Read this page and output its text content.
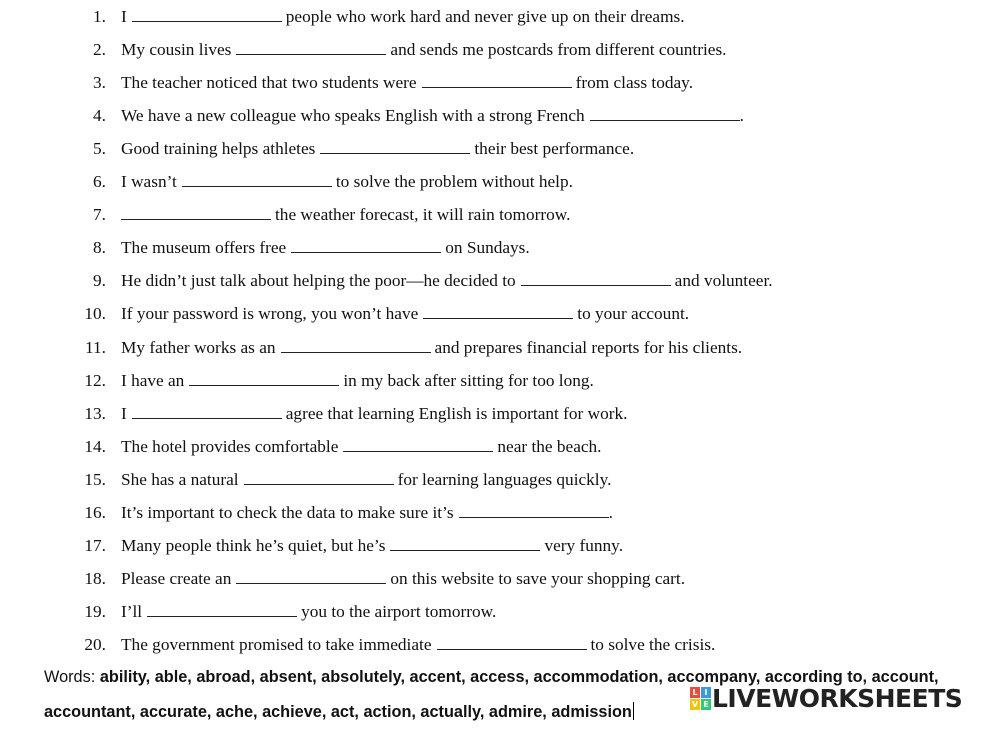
1. I	people who work hard and never give up on their dreams.
2. My cousin lives	and sends me postcards from different countries.
3. The teacher noticed that two students were	from class today.
4. We have a new colleague who speaks English with a strong French	.
5. Good training helps athletes	their best performance.
6. I wasn’t	to solve the problem without help.
7.	the weather forecast, it will rain tomorrow.
8. The museum offers free	on Sundays.
9. He didn’t just talk about helping the poor—he decided to	and volunteer.
10. If your password is wrong, you won’t have	to your account.
11. My father works as an	and prepares financial reports for his clients.
12. I have an	in my back after sitting for too long.
13. I	agree that learning English is important for work.
14. The hotel provides comfortable	near the beach.
15. She has a natural	for learning languages quickly.
16. It’s important to check the data to make sure it’s	.
17. Many people think he’s quiet, but he’s	very funny.
18. Please create an	on this website to save your shopping cart.
19. I’ll	you to the airport tomorrow.
20. The government promised to take immediate	to solve the crisis.
Words: ability, able, abroad, absent, absolutely, accent, access, accommodation, accompany, according to, account, accountant, accurate, ache, achieve, act, action, actually, admire, admission
L I
V E LIVEWORKSHEETS
